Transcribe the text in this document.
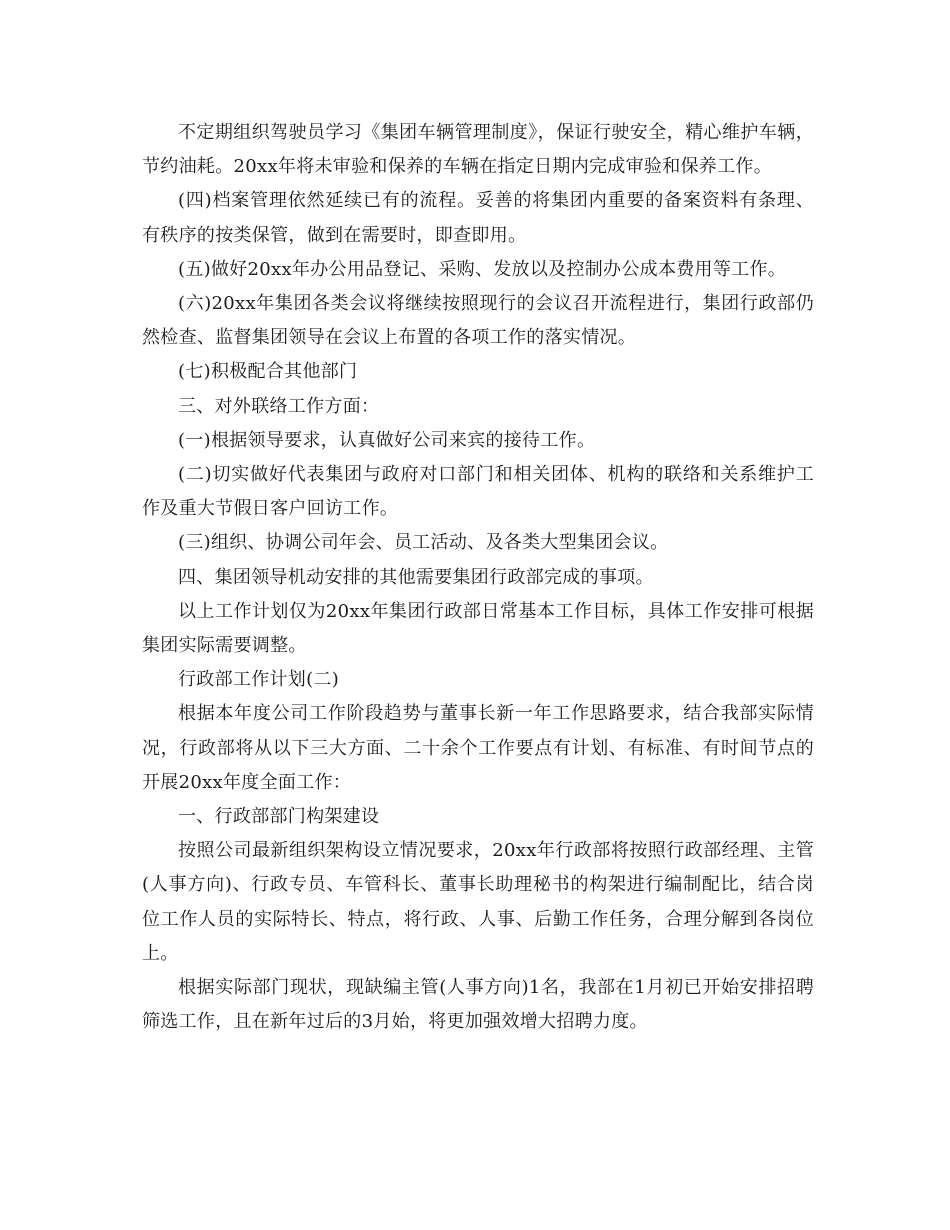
不定期组织驾驶员学习《集团车辆管理制度》，保证行驶安全，精心维护车辆，节约油耗。20xx年将未审验和保养的车辆在指定日期内完成审验和保养工作。

(四)档案管理依然延续已有的流程。妥善的将集团内重要的备案资料有条理、有秩序的按类保管，做到在需要时，即查即用。

(五)做好20xx年办公用品登记、采购、发放以及控制办公成本费用等工作。

(六)20xx年集团各类会议将继续按照现行的会议召开流程进行，集团行政部仍然检查、监督集团领导在会议上布置的各项工作的落实情况。

(七)积极配合其他部门

三、对外联络工作方面：

(一)根据领导要求，认真做好公司来宾的接待工作。

(二)切实做好代表集团与政府对口部门和相关团体、机构的联络和关系维护工作及重大节假日客户回访工作。

(三)组织、协调公司年会、员工活动、及各类大型集团会议。

四、集团领导机动安排的其他需要集团行政部完成的事项。

以上工作计划仅为20xx年集团行政部日常基本工作目标，具体工作安排可根据集团实际需要调整。

行政部工作计划(二)

根据本年度公司工作阶段趋势与董事长新一年工作思路要求，结合我部实际情况，行政部将从以下三大方面、二十余个工作要点有计划、有标准、有时间节点的开展20xx年度全面工作：

一、行政部部门构架建设

按照公司最新组织架构设立情况要求，20xx年行政部将按照行政部经理、主管(人事方向)、行政专员、车管科长、董事长助理秘书的构架进行编制配比，结合岗位工作人员的实际特长、特点，将行政、人事、后勤工作任务，合理分解到各岗位上。

根据实际部门现状，现缺编主管(人事方向)1名，我部在1月初已开始安排招聘筛选工作，且在新年过后的3月始，将更加强效增大招聘力度。
